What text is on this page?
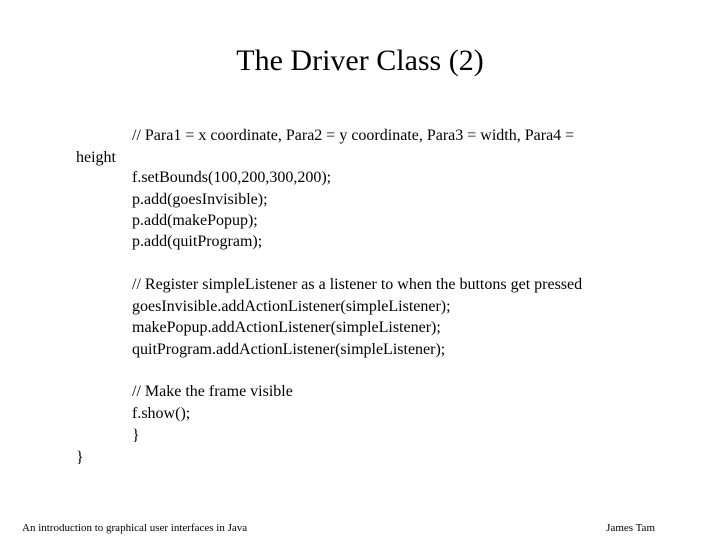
The Driver Class (2)
// Para1 = x coordinate, Para2 = y coordinate, Para3 = width, Para4 =
height
f.setBounds(100,200,300,200);
p.add(goesInvisible);
p.add(makePopup);
p.add(quitProgram);
// Register simpleListener as a listener to when the buttons get pressed
goesInvisible.addActionListener(simpleListener);
makePopup.addActionListener(simpleListener);
quitProgram.addActionListener(simpleListener);
// Make the frame visible
f.show();
}
}
An introduction to graphical user interfaces in Java	James Tam
